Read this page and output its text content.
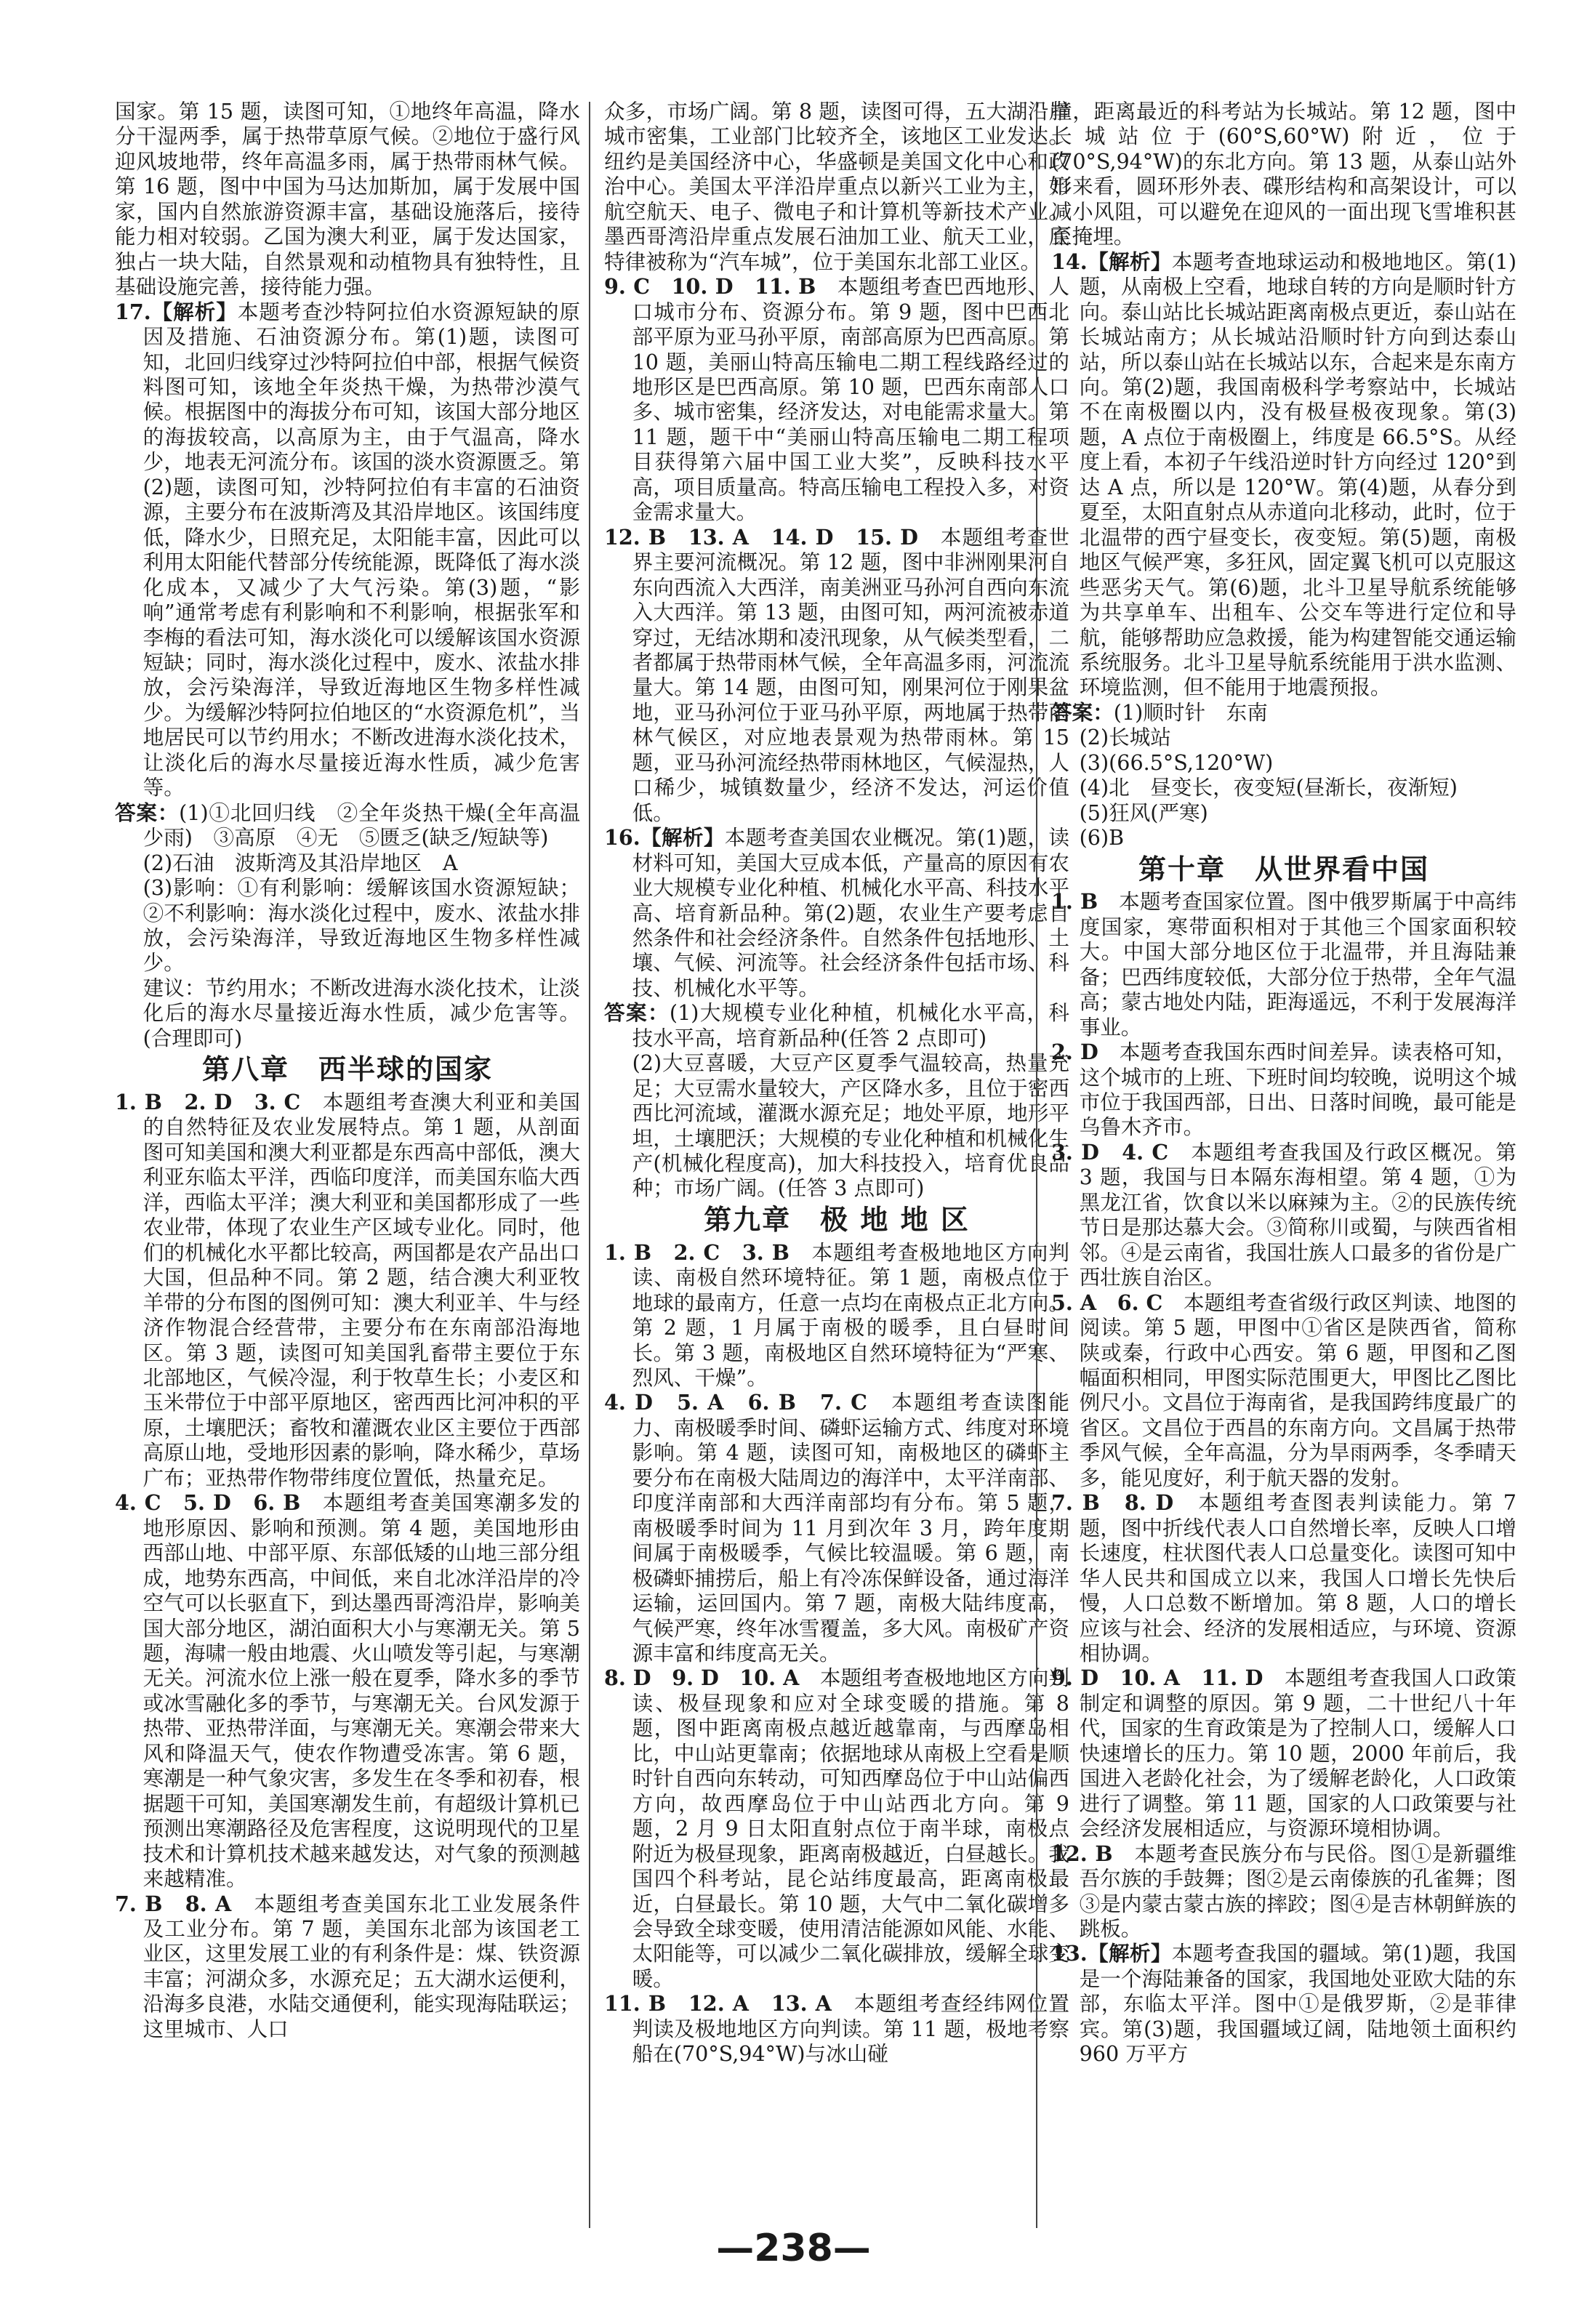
国家。第 15 题，读图可知，①地终年高温，降水分干湿两季，属于热带草原气候。②地位于盛行风迎风坡地带，终年高温多雨，属于热带雨林气候。第 16 题，图中中国为马达加斯加，属于发展中国家，国内自然旅游资源丰富，基础设施落后，接待能力相对较弱。乙国为澳大利亚，属于发达国家，独占一块大陆，自然景观和动植物具有独特性，且基础设施完善，接待能力强。

17.【解析】本题考查沙特阿拉伯水资源短缺的原因及措施、石油资源分布。第(1)题，读图可知，北回归线穿过沙特阿拉伯中部，根据气候资料图可知，该地全年炎热干燥，为热带沙漠气候。根据图中的海拔分布可知，该国大部分地区的海拔较高，以高原为主，由于气温高，降水少，地表无河流分布。该国的淡水资源匮乏。第(2)题，读图可知，沙特阿拉伯有丰富的石油资源，主要分布在波斯湾及其沿岸地区。该国纬度低，降水少，日照充足，太阳能丰富，因此可以利用太阳能代替部分传统能源，既降低了海水淡化成本，又减少了大气污染。第(3)题，“影响”通常考虑有利影响和不利影响，根据张军和李梅的看法可知，海水淡化可以缓解该国水资源短缺；同时，海水淡化过程中，废水、浓盐水排放，会污染海洋，导致近海地区生物多样性减少。为缓解沙特阿拉伯地区的“水资源危机”，当地居民可以节约用水；不断改进海水淡化技术，让淡化后的海水尽量接近海水性质，减少危害等。

答案：(1)①北回归线　②全年炎热干燥(全年高温少雨)　③高原　④无　⑤匮乏(缺乏/短缺等)

(2)石油　波斯湾及其沿岸地区　A

(3)影响：①有利影响：缓解该国水资源短缺；②不利影响：海水淡化过程中，废水、浓盐水排放，会污染海洋，导致近海地区生物多样性减少。

建议：节约用水；不断改进海水淡化技术，让淡化后的海水尽量接近海水性质，减少危害等。(合理即可)

第八章　西半球的国家

1. B　2. D　3. C　本题组考查澳大利亚和美国的自然特征及农业发展特点。第 1 题，从剖面图可知美国和澳大利亚都是东西高中部低，澳大利亚东临太平洋，西临印度洋，而美国东临大西洋，西临太平洋；澳大利亚和美国都形成了一些农业带，体现了农业生产区域专业化。同时，他们的机械化水平都比较高，两国都是农产品出口大国，但品种不同。第 2 题，结合澳大利亚牧羊带的分布图的图例可知：澳大利亚羊、牛与经济作物混合经营带，主要分布在东南部沿海地区。第 3 题，读图可知美国乳畜带主要位于东北部地区，气候冷湿，利于牧草生长；小麦区和玉米带位于中部平原地区，密西西比河冲积的平原，土壤肥沃；畜牧和灌溉农业区主要位于西部高原山地，受地形因素的影响，降水稀少，草场广布；亚热带作物带纬度位置低，热量充足。

4. C　5. D　6. B　本题组考查美国寒潮多发的地形原因、影响和预测。第 4 题，美国地形由西部山地、中部平原、东部低矮的山地三部分组成，地势东西高，中间低，来自北冰洋沿岸的冷空气可以长驱直下，到达墨西哥湾沿岸，影响美国大部分地区，湖泊面积大小与寒潮无关。第 5 题，海啸一般由地震、火山喷发等引起，与寒潮无关。河流水位上涨一般在夏季，降水多的季节或冰雪融化多的季节，与寒潮无关。台风发源于热带、亚热带洋面，与寒潮无关。寒潮会带来大风和降温天气，使农作物遭受冻害。第 6 题，寒潮是一种气象灾害，多发生在冬季和初春，根据题干可知，美国寒潮发生前，有超级计算机已预测出寒潮路径及危害程度，这说明现代的卫星技术和计算机技术越来越发达，对气象的预测越来越精准。

7. B　8. A　本题组考查美国东北工业发展条件及工业分布。第 7 题，美国东北部为该国老工业区，这里发展工业的有利条件是：煤、铁资源丰富；河湖众多，水源充足；五大湖水运便利，沿海多良港，水陆交通便利，能实现海陆联运；这里城市、人口

众多，市场广阔。第 8 题，读图可得，五大湖沿岸城市密集，工业部门比较齐全，该地区工业发达。纽约是美国经济中心，华盛顿是美国文化中心和政治中心。美国太平洋沿岸重点以新兴工业为主，如航空航天、电子、微电子和计算机等新技术产业。墨西哥湾沿岸重点发展石油加工业、航天工业，底特律被称为“汽车城”，位于美国东北部工业区。

9. C　10. D　11. B　本题组考查巴西地形、人口城市分布、资源分布。第 9 题，图中巴西北部平原为亚马孙平原，南部高原为巴西高原。第 10 题，美丽山特高压输电二期工程线路经过的地形区是巴西高原。第 10 题，巴西东南部人口多、城市密集，经济发达，对电能需求量大。第 11 题，题干中“美丽山特高压输电二期工程项目获得第六届中国工业大奖”，反映科技水平高，项目质量高。特高压输电工程投入多，对资金需求量大。

12. B　13. A　14. D　15. D　本题组考查世界主要河流概况。第 12 题，图中非洲刚果河自东向西流入大西洋，南美洲亚马孙河自西向东流入大西洋。第 13 题，由图可知，两河流被赤道穿过，无结冰期和凌汛现象，从气候类型看，二者都属于热带雨林气候，全年高温多雨，河流流量大。第 14 题，由图可知，刚果河位于刚果盆地，亚马孙河位于亚马孙平原，两地属于热带雨林气候区，对应地表景观为热带雨林。第 15 题，亚马孙河流经热带雨林地区，气候湿热，人口稀少，城镇数量少，经济不发达，河运价值低。

16.【解析】本题考查美国农业概况。第(1)题，读材料可知，美国大豆成本低，产量高的原因有农业大规模专业化种植、机械化水平高、科技水平高、培育新品种。第(2)题，农业生产要考虑自然条件和社会经济条件。自然条件包括地形、土壤、气候、河流等。社会经济条件包括市场、科技、机械化水平等。

答案：(1)大规模专业化种植，机械化水平高，科技水平高，培育新品种(任答 2 点即可)

(2)大豆喜暖，大豆产区夏季气温较高，热量充足；大豆需水量较大，产区降水多，且位于密西西比河流域，灌溉水源充足；地处平原，地形平坦，土壤肥沃；大规模的专业化种植和机械化生产(机械化程度高)，加大科技投入，培育优良品种；市场广阔。(任答 3 点即可)

第九章　极 地 地 区

1. B　2. C　3. B　本题组考查极地地区方向判读、南极自然环境特征。第 1 题，南极点位于地球的最南方，任意一点均在南极点正北方向。第 2 题，1 月属于南极的暖季，且白昼时间长。第 3 题，南极地区自然环境特征为“严寒、烈风、干燥”。

4. D　5. A　6. B　7. C　本题组考查读图能力、南极暖季时间、磷虾运输方式、纬度对环境影响。第 4 题，读图可知，南极地区的磷虾主要分布在南极大陆周边的海洋中，太平洋南部、印度洋南部和大西洋南部均有分布。第 5 题，南极暖季时间为 11 月到次年 3 月，跨年度期间属于南极暖季，气候比较温暖。第 6 题，南极磷虾捕捞后，船上有冷冻保鲜设备，通过海洋运输，运回国内。第 7 题，南极大陆纬度高，气候严寒，终年冰雪覆盖，多大风。南极矿产资源丰富和纬度高无关。

8. D　9. D　10. A　本题组考查极地地区方向判读、极昼现象和应对全球变暖的措施。第 8 题，图中距离南极点越近越靠南，与西摩岛相比，中山站更靠南；依据地球从南极上空看是顺时针自西向东转动，可知西摩岛位于中山站偏西方向，故西摩岛位于中山站西北方向。第 9 题，2 月 9 日太阳直射点位于南半球，南极点附近为极昼现象，距离南极越近，白昼越长。我国四个科考站，昆仑站纬度最高，距离南极最近，白昼最长。第 10 题，大气中二氧化碳增多会导致全球变暖，使用清洁能源如风能、水能、太阳能等，可以减少二氧化碳排放，缓解全球变暖。

11. B　12. A　13. A　本题组考查经纬网位置判读及极地地区方向判读。第 11 题，极地考察船在(70°S,94°W)与冰山碰

撞，距离最近的科考站为长城站。第 12 题，图中长城站位于(60°S,60°W)附近，位于(70°S,94°W)的东北方向。第 13 题，从泰山站外形来看，圆环形外表、碟形结构和高架设计，可以减小风阻，可以避免在迎风的一面出现飞雪堆积甚至掩埋。

14.【解析】本题考查地球运动和极地地区。第(1)题，从南极上空看，地球自转的方向是顺时针方向。泰山站比长城站距离南极点更近，泰山站在长城站南方；从长城站沿顺时针方向到达泰山站，所以泰山站在长城站以东，合起来是东南方向。第(2)题，我国南极科学考察站中，长城站不在南极圈以内，没有极昼极夜现象。第(3)题，A 点位于南极圈上，纬度是 66.5°S。从经度上看，本初子午线沿逆时针方向经过 120°到达 A 点，所以是 120°W。第(4)题，从春分到夏至，太阳直射点从赤道向北移动，此时，位于北温带的西宁昼变长，夜变短。第(5)题，南极地区气候严寒，多狂风，固定翼飞机可以克服这些恶劣天气。第(6)题，北斗卫星导航系统能够为共享单车、出租车、公交车等进行定位和导航，能够帮助应急救援，能为构建智能交通运输系统服务。北斗卫星导航系统能用于洪水监测、环境监测，但不能用于地震预报。

答案：(1)顺时针　东南

(2)长城站

(3)(66.5°S,120°W)

(4)北　昼变长，夜变短(昼渐长，夜渐短)

(5)狂风(严寒)

(6)B

第十章　从世界看中国

1. B　本题考查国家位置。图中俄罗斯属于中高纬度国家，寒带面积相对于其他三个国家面积较大。中国大部分地区位于北温带，并且海陆兼备；巴西纬度较低，大部分位于热带，全年气温高；蒙古地处内陆，距海遥远，不利于发展海洋事业。

2. D　本题考查我国东西时间差异。读表格可知，这个城市的上班、下班时间均较晚，说明这个城市位于我国西部，日出、日落时间晚，最可能是乌鲁木齐市。

3. D　4. C　本题组考查我国及行政区概况。第 3 题，我国与日本隔东海相望。第 4 题，①为黑龙江省，饮食以米以麻辣为主。②的民族传统节日是那达慕大会。③简称川或蜀，与陕西省相邻。④是云南省，我国壮族人口最多的省份是广西壮族自治区。

5. A　6. C　本题组考查省级行政区判读、地图的阅读。第 5 题，甲图中①省区是陕西省，简称陕或秦，行政中心西安。第 6 题，甲图和乙图幅面积相同，甲图实际范围更大，甲图比乙图比例尺小。文昌位于海南省，是我国跨纬度最广的省区。文昌位于西昌的东南方向。文昌属于热带季风气候，全年高温，分为旱雨两季，冬季晴天多，能见度好，利于航天器的发射。

7. B　8. D　本题组考查图表判读能力。第 7 题，图中折线代表人口自然增长率，反映人口增长速度，柱状图代表人口总量变化。读图可知中华人民共和国成立以来，我国人口增长先快后慢，人口总数不断增加。第 8 题，人口的增长应该与社会、经济的发展相适应，与环境、资源相协调。

9. D　10. A　11. D　本题组考查我国人口政策制定和调整的原因。第 9 题，二十世纪八十年代，国家的生育政策是为了控制人口，缓解人口快速增长的压力。第 10 题，2000 年前后，我国进入老龄化社会，为了缓解老龄化，人口政策进行了调整。第 11 题，国家的人口政策要与社会经济发展相适应，与资源环境相协调。

12. B　本题考查民族分布与民俗。图①是新疆维吾尔族的手鼓舞；图②是云南傣族的孔雀舞；图③是内蒙古蒙古族的摔跤；图④是吉林朝鲜族的跳板。

13.【解析】本题考查我国的疆域。第(1)题，我国是一个海陆兼备的国家，我国地处亚欧大陆的东部，东临太平洋。图中①是俄罗斯，②是菲律宾。第(3)题，我国疆域辽阔，陆地领土面积约 960 万平方

—238—
